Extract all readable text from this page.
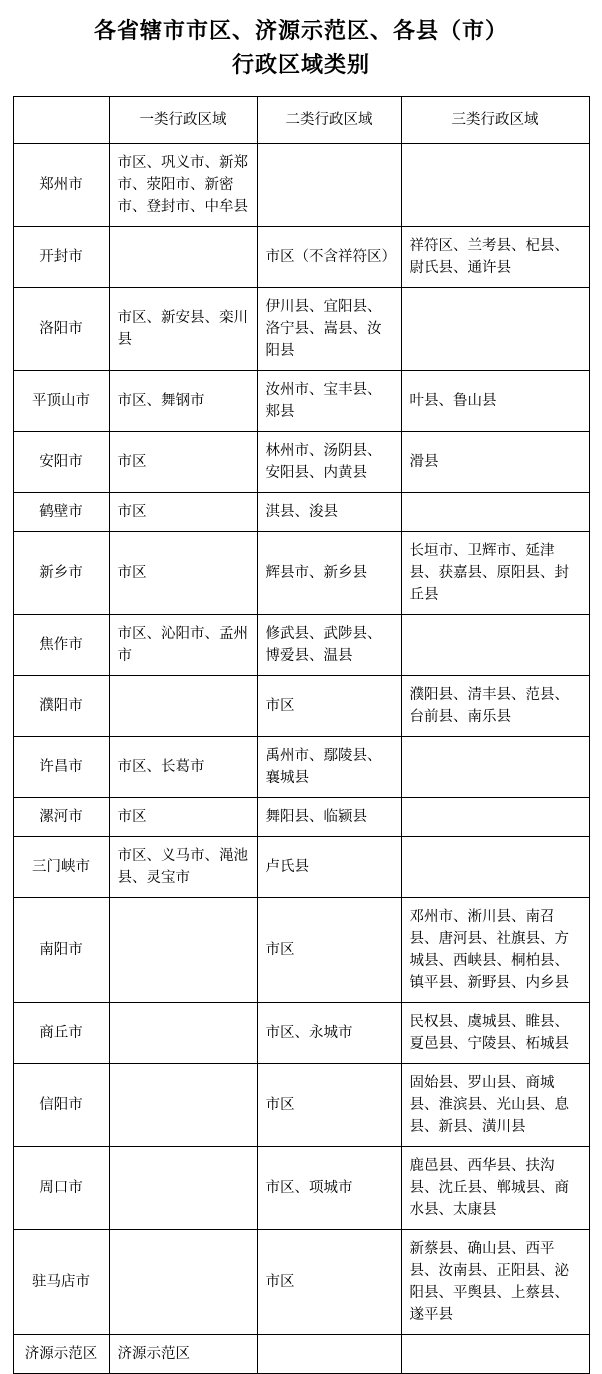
各省辖市市区、济源示范区、各县（市）
行政区域类别
	一类行政区域	二类行政区域	三类行政区域
郑州市	市区、巩义市、新郑市、荥阳市、新密市、登封市、中牟县		
开封市		市区（不含祥符区）	祥符区、兰考县、杞县、尉氏县、通许县
洛阳市	市区、新安县、栾川县	伊川县、宜阳县、洛宁县、嵩县、汝阳县	
平顶山市	市区、舞钢市	汝州市、宝丰县、郏县	叶县、鲁山县
安阳市	市区	林州市、汤阴县、安阳县、内黄县	滑县
鹤壁市	市区	淇县、浚县	
新乡市	市区	辉县市、新乡县	长垣市、卫辉市、延津县、获嘉县、原阳县、封丘县
焦作市	市区、沁阳市、孟州市	修武县、武陟县、博爱县、温县	
濮阳市		市区	濮阳县、清丰县、范县、台前县、南乐县
许昌市	市区、长葛市	禹州市、鄢陵县、襄城县	
漯河市	市区	舞阳县、临颍县	
三门峡市	市区、义马市、渑池县、灵宝市	卢氏县	
南阳市		市区	邓州市、淅川县、南召县、唐河县、社旗县、方城县、西峡县、桐柏县、镇平县、新野县、内乡县
商丘市		市区、永城市	民权县、虞城县、睢县、夏邑县、宁陵县、柘城县
信阳市		市区	固始县、罗山县、商城县、淮滨县、光山县、息县、新县、潢川县
周口市		市区、项城市	鹿邑县、西华县、扶沟县、沈丘县、郸城县、商水县、太康县
驻马店市		市区	新蔡县、确山县、西平县、汝南县、正阳县、泌阳县、平舆县、上蔡县、遂平县
济源示范区	济源示范区		
